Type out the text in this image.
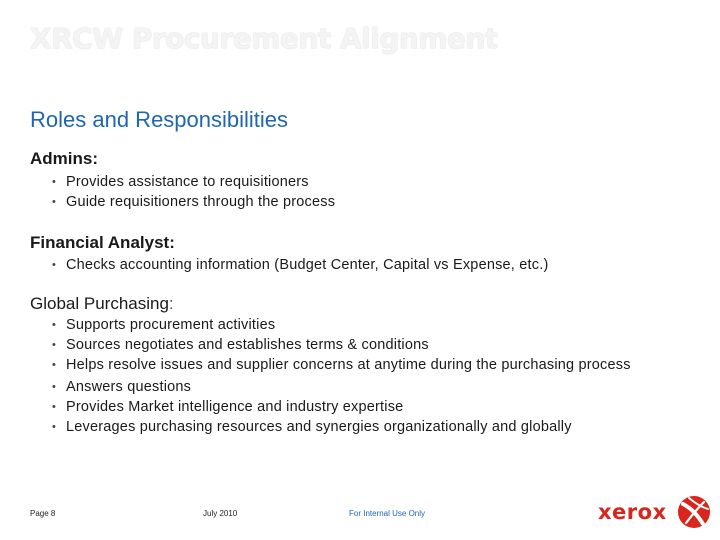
XRCW Procurement Alignment
Roles and Responsibilities
Admins:
• Provides assistance to requisitioners
• Guide requisitioners through the process
Financial Analyst:
• Checks accounting information (Budget Center, Capital vs Expense, etc.)
Global Purchasing:
• Supports procurement activities
• Sources negotiates and establishes terms & conditions
• Helps resolve issues and supplier concerns at anytime during the purchasing process
• Answers questions
• Provides Market intelligence and industry expertise
• Leverages purchasing resources and synergies organizationally and globally
Page 8	July 2010	For Internal Use Only	xerox
